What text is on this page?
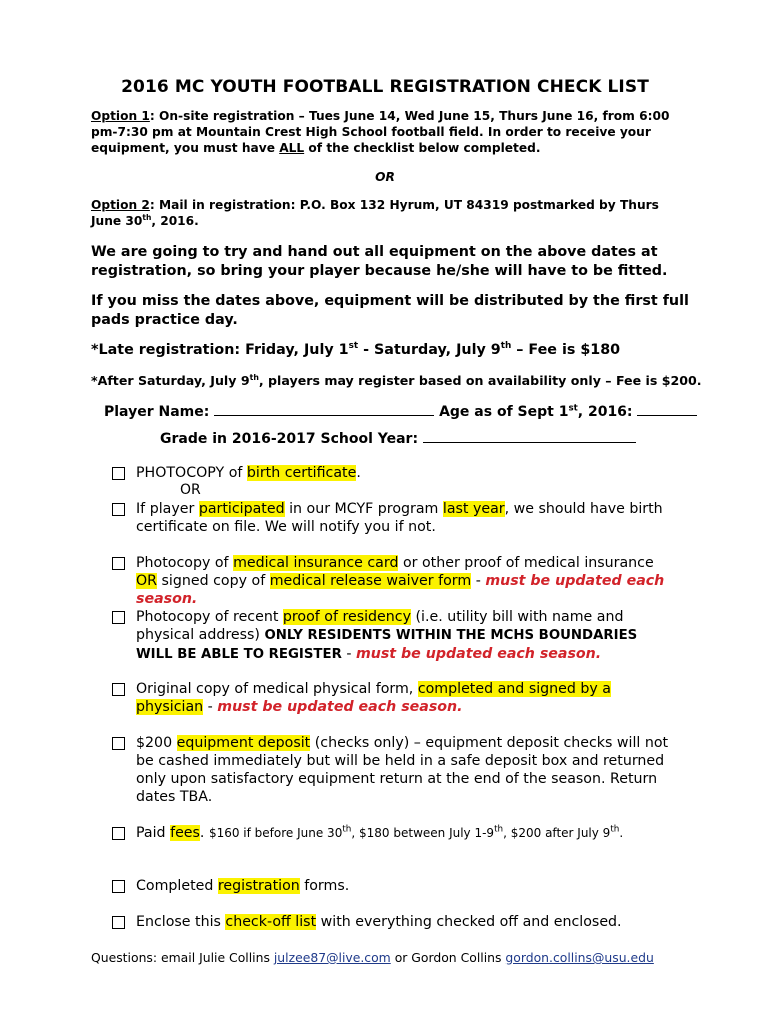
2016 MC YOUTH FOOTBALL REGISTRATION CHECK LIST
Option 1: On-site registration – Tues June 14, Wed June 15, Thurs June 16, from 6:00 pm-7:30 pm at Mountain Crest High School football field. In order to receive your equipment, you must have ALL of the checklist below completed.
OR
Option 2: Mail in registration: P.O. Box 132 Hyrum, UT 84319 postmarked by Thurs June 30th, 2016.
We are going to try and hand out all equipment on the above dates at registration, so bring your player because he/she will have to be fitted.
If you miss the dates above, equipment will be distributed by the first full pads practice day.
*Late registration: Friday, July 1st - Saturday, July 9th – Fee is $180
*After Saturday, July 9th, players may register based on availability only – Fee is $200.
Player Name:	Age as of Sept 1st, 2016:
Grade in 2016-2017 School Year:
PHOTOCOPY of birth certificate.
OR
If player participated in our MCYF program last year, we should have birth certificate on file. We will notify you if not.
Photocopy of medical insurance card or other proof of medical insurance OR signed copy of medical release waiver form - must be updated each season.
Photocopy of recent proof of residency (i.e. utility bill with name and physical address) ONLY RESIDENTS WITHIN THE MCHS BOUNDARIES WILL BE ABLE TO REGISTER - must be updated each season.
Original copy of medical physical form, completed and signed by a physician - must be updated each season.
$200 equipment deposit (checks only) – equipment deposit checks will not be cashed immediately but will be held in a safe deposit box and returned only upon satisfactory equipment return at the end of the season. Return dates TBA.
Paid fees. $160 if before June 30th, $180 between July 1-9th, $200 after July 9th.
Completed registration forms.
Enclose this check-off list with everything checked off and enclosed.
Questions: email Julie Collins julzee87@live.com or Gordon Collins gordon.collins@usu.edu
